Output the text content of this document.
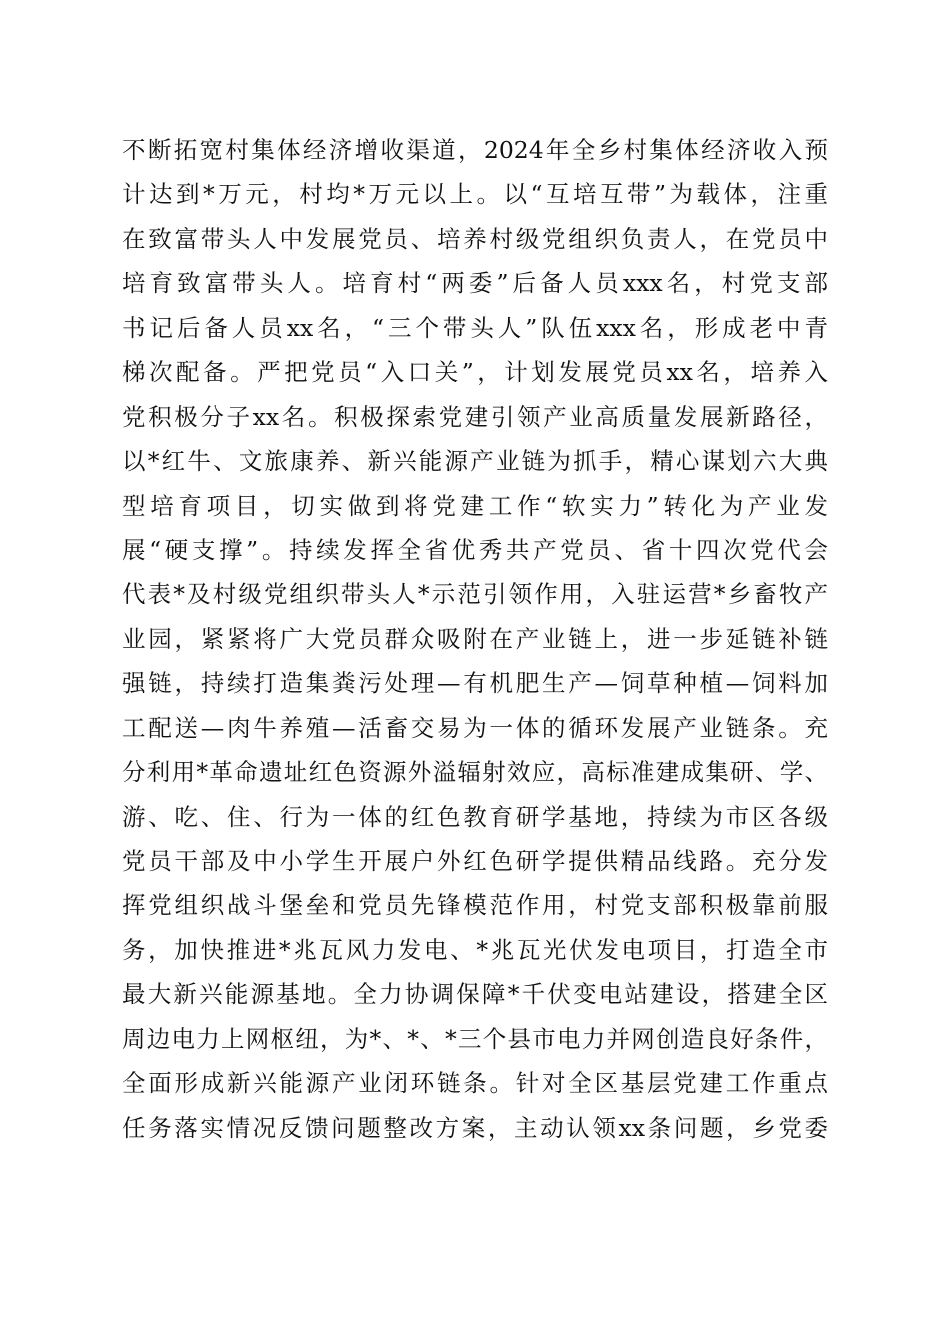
不断拓宽村集体经济增收渠道，2024年全乡村集体经济收入预
计达到*万元，村均*万元以上。以“互培互带”为载体，注重
在致富带头人中发展党员、培养村级党组织负责人，在党员中
培育致富带头人。培育村“两委”后备人员xxx名，村党支部
书记后备人员xx名，“三个带头人”队伍xxx名，形成老中青
梯次配备。严把党员“入口关”，计划发展党员xx名，培养入
党积极分子xx名。积极探索党建引领产业高质量发展新路径，
以*红牛、文旅康养、新兴能源产业链为抓手，精心谋划六大典
型培育项目，切实做到将党建工作“软实力”转化为产业发
展“硬支撑”。持续发挥全省优秀共产党员、省十四次党代会
代表*及村级党组织带头人*示范引领作用，入驻运营*乡畜牧产
业园，紧紧将广大党员群众吸附在产业链上，进一步延链补链
强链，持续打造集粪污处理—有机肥生产—饲草种植—饲料加
工配送—肉牛养殖—活畜交易为一体的循环发展产业链条。充
分利用*革命遗址红色资源外溢辐射效应，高标准建成集研、学、
游、吃、住、行为一体的红色教育研学基地，持续为市区各级
党员干部及中小学生开展户外红色研学提供精品线路。充分发
挥党组织战斗堡垒和党员先锋模范作用，村党支部积极靠前服
务，加快推进*兆瓦风力发电、*兆瓦光伏发电项目，打造全市
最大新兴能源基地。全力协调保障*千伏变电站建设，搭建全区
周边电力上网枢纽，为*、*、*三个县市电力并网创造良好条件，
全面形成新兴能源产业闭环链条。针对全区基层党建工作重点
任务落实情况反馈问题整改方案，主动认领xx条问题，乡党委
